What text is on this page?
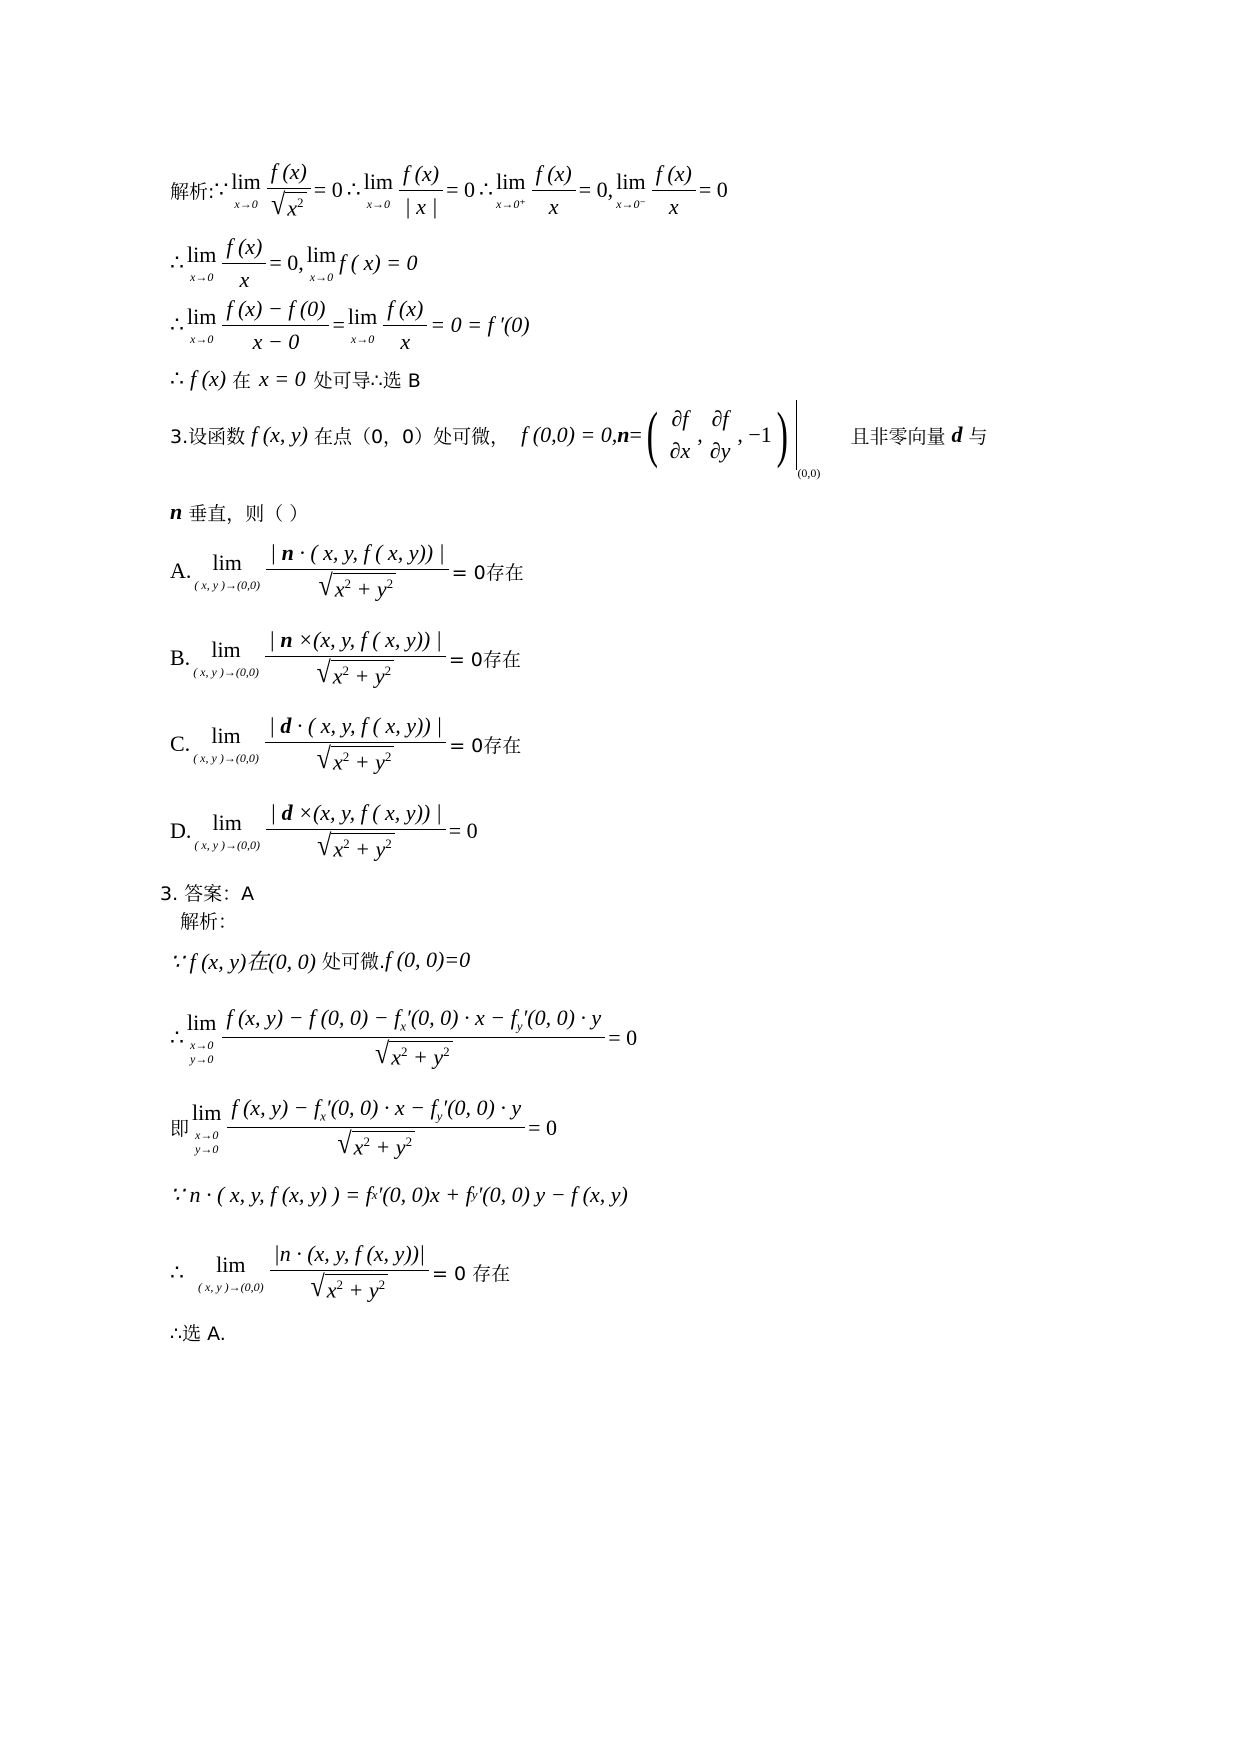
解析: ∵ lim
$x\to 0 \frac{f (x)}{√ x^2} = 0$ ∴ lim
$x\to 0 \frac{f (x)}{| x |} = 0$ ∴ lim
$x\to 0^+ \frac{f (x)}{x} = 0$, lim
$x\to 0^- \frac{f (x)}{x} = 0$
∴ lim
$x\to 0 \frac{f (x)}{x} = 0$, lim
x→0
f ( x) = 0
∴ lim
$x\to 0 \frac{f (x) - f (0)}{x - 0} = \lim$
$x\to 0 \frac{f (x)}{x} = 0 = f$ ′(0)
∴ f (x) 在 x = 0 处可导∴选 B
3.设函数 f (x, y) 在点（0，0）处可微， f (0,0) = 0, n = ( ∂f
∂x
,
∂f
∂y
, −1 )
(0,0)
且非零向量 d 与
n 垂直，则（ ）
A. lim
( x, y )$\to(0,0) \frac{| n \cdot ( x, y, f ( x, y)) |}{√ x^2 + y^2} = 0$存在
B. lim
( x, y )$\to(0,0) \frac{| n \times(x, y, f ( x, y)) |}{√ x^2 + y^2} = 0$存在
C. lim
( x, y )$\to(0,0) \frac{| d \cdot ( x, y, f ( x, y)) |}{√ x^2 + y^2} = 0$存在
D. lim
( x, y )$\to(0,0) \frac{| d \times(x, y, f ( x, y)) |}{√ x^2 + y^2} = 0$
3. 答案：A
解析：
∵ f (x, y)在(0, 0) 处可微. f (0, 0)=0
∴
lim
x→0
$y\to 0 \frac{f (x, y) - f (0, 0) - f_x'(0, 0) \cdot x - f_y'(0, 0) \cdot y}{√ x^2 + y^2} = 0$
即
lim
x→0
$y\to 0 \frac{f (x, y) - f_x'(0, 0) \cdot x - f_y'(0, 0) \cdot y}{√ x^2 + y^2} = 0$
∵ n · ( x, y, f (x, y) ) = f x ′(0, 0)x + f y ′(0, 0) y − f (x, y)
∴ lim
( x, y )$\to(0,0) \frac{|n \cdot (x, y, f (x, y))|}{√ x^2 + y^2} = 0$ 存在
∴选 A.
